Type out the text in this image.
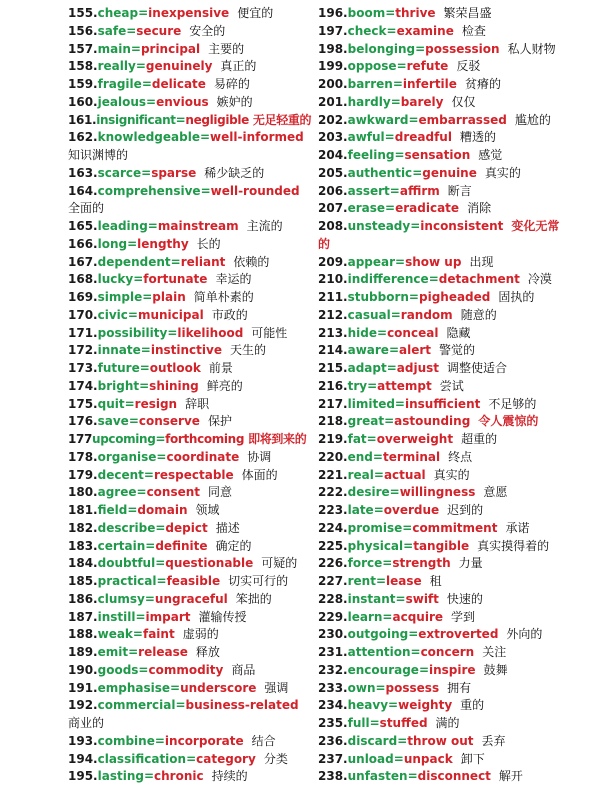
155.cheap=inexpensive 便宜的
156.safe=secure 安全的
157.main=principal 主要的
158.really=genuinely 真正的
159.fragile=delicate 易碎的
160.jealous=envious 嫉妒的
161.insignificant=negligible 无足轻重的
162.knowledgeable=well-informed
知识渊博的
163.scarce=sparse 稀少缺乏的
164.comprehensive=well-rounded
全面的
165.leading=mainstream 主流的
166.long=lengthy 长的
167.dependent=reliant 依赖的
168.lucky=fortunate 幸运的
169.simple=plain 简单朴素的
170.civic=municipal 市政的
171.possibility=likelihood 可能性
172.innate=instinctive 天生的
173.future=outlook 前景
174.bright=shining 鲜亮的
175.quit=resign 辞职
176.save=conserve 保护
177upcoming=forthcoming 即将到来的
178.organise=coordinate 协调
179.decent=respectable 体面的
180.agree=consent 同意
181.field=domain 领域
182.describe=depict 描述
183.certain=definite 确定的
184.doubtful=questionable 可疑的
185.practical=feasible 切实可行的
186.clumsy=ungraceful 笨拙的
187.instill=impart 灌输传授
188.weak=faint 虚弱的
189.emit=release 释放
190.goods=commodity 商品
191.emphasise=underscore 强调
192.commercial=business-related
商业的
193.combine=incorporate 结合
194.classification=category 分类
195.lasting=chronic 持续的
196.boom=thrive 繁荣昌盛
197.check=examine 检查
198.belonging=possession 私人财物
199.oppose=refute 反驳
200.barren=infertile 贫瘠的
201.hardly=barely 仅仅
202.awkward=embarrassed 尴尬的
203.awful=dreadful 糟透的
204.feeling=sensation 感觉
205.authentic=genuine 真实的
206.assert=affirm 断言
207.erase=eradicate 消除
208.unsteady=inconsistent 变化无常
的
209.appear=show up 出现
210.indifference=detachment 冷漠
211.stubborn=pigheaded 固执的
212.casual=random 随意的
213.hide=conceal 隐藏
214.aware=alert 警觉的
215.adapt=adjust 调整使适合
216.try=attempt 尝试
217.limited=insufficient 不足够的
218.great=astounding 令人震惊的
219.fat=overweight 超重的
220.end=terminal 终点
221.real=actual 真实的
222.desire=willingness 意愿
223.late=overdue 迟到的
224.promise=commitment 承诺
225.physical=tangible 真实摸得着的
226.force=strength 力量
227.rent=lease 租
228.instant=swift 快速的
229.learn=acquire 学到
230.outgoing=extroverted 外向的
231.attention=concern 关注
232.encourage=inspire 鼓舞
233.own=possess 拥有
234.heavy=weighty 重的
235.full=stuffed 满的
236.discard=throw out 丢弃
237.unload=unpack 卸下
238.unfasten=disconnect 解开
